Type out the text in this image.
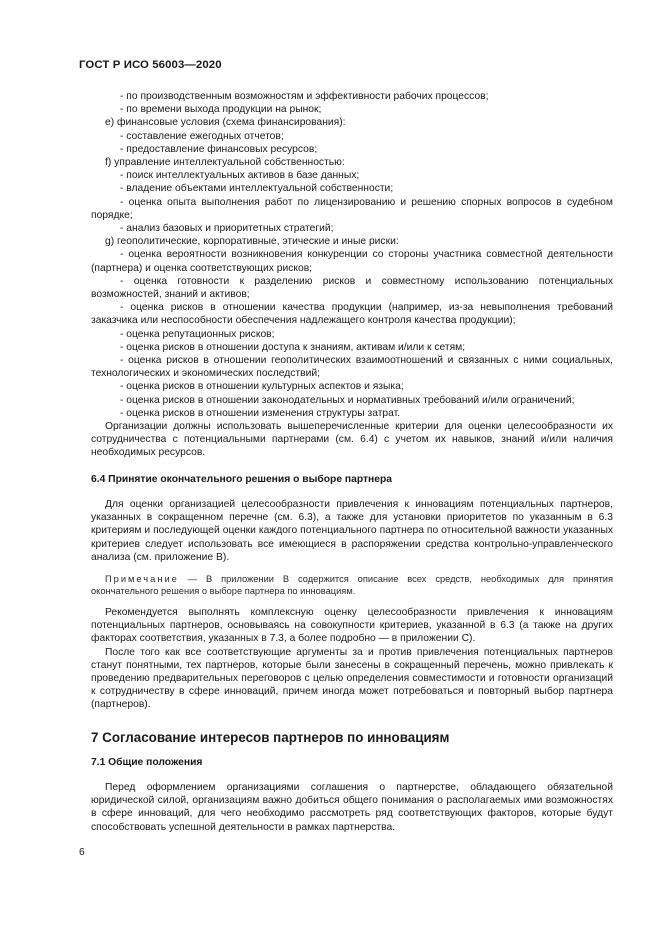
ГОСТ Р ИСО 56003—2020

- по производственным возможностям и эффективности рабочих процессов;

- по времени выхода продукции на рынок;

e) финансовые условия (схема финансирования):

- составление ежегодных отчетов;

- предоставление финансовых ресурсов;

f) управление интеллектуальной собственностью:

- поиск интеллектуальных активов в базе данных;

- владение объектами интеллектуальной собственности;

- оценка опыта выполнения работ по лицензированию и решению спорных вопросов в судебном порядке;

- анализ базовых и приоритетных стратегий;

g) геополитические, корпоративные, этические и иные риски:

- оценка вероятности возникновения конкуренции со стороны участника совместной деятельности (партнера) и оценка соответствующих рисков;

- оценка готовности к разделению рисков и совместному использованию потенциальных возможностей, знаний и активов;

- оценка рисков в отношении качества продукции (например, из-за невыполнения требований заказчика или неспособности обеспечения надлежащего контроля качества продукции);

- оценка репутационных рисков;

- оценка рисков в отношении доступа к знаниям, активам и/или к сетям;

- оценка рисков в отношении геополитических взаимоотношений и связанных с ними социальных, технологических и экономических последствий;

- оценка рисков в отношении культурных аспектов и языка;

- оценка рисков в отношении законодательных и нормативных требований и/или ограничений;

- оценка рисков в отношении изменения структуры затрат.

Организации должны использовать вышеперечисленные критерии для оценки целесообразности их сотрудничества с потенциальными партнерами (см. 6.4) с учетом их навыков, знаний и/или наличия необходимых ресурсов.

6.4 Принятие окончательного решения о выборе партнера

Для оценки организацией целесообразности привлечения к инновациям потенциальных партнеров, указанных в сокращенном перечне (см. 6.3), а также для установки приоритетов по указанным в 6.3 критериям и последующей оценки каждого потенциального партнера по относительной важности указанных критериев следует использовать все имеющиеся в распоряжении средства контрольно-управленческого анализа (см. приложение B).

Примечание — В приложении B содержится описание всех средств, необходимых для принятия окончательного решения о выборе партнера по инновациям.

Рекомендуется выполнять комплексную оценку целесообразности привлечения к инновациям потенциальных партнеров, основываясь на совокупности критериев, указанной в 6.3 (а также на других факторах соответствия, указанных в 7.3, а более подробно — в приложении C).

После того как все соответствующие аргументы за и против привлечения потенциальных партнеров станут понятными, тех партнеров, которые были занесены в сокращенный перечень, можно привлекать к проведению предварительных переговоров с целью определения совместимости и готовности организаций к сотрудничеству в сфере инноваций, причем иногда может потребоваться и повторный выбор партнера (партнеров).

7 Согласование интересов партнеров по инновациям

7.1 Общие положения

Перед оформлением организациями соглашения о партнерстве, обладающего обязательной юридической силой, организациям важно добиться общего понимания о располагаемых ими возможностях в сфере инноваций, для чего необходимо рассмотреть ряд соответствующих факторов, которые будут способствовать успешной деятельности в рамках партнерства.

6
